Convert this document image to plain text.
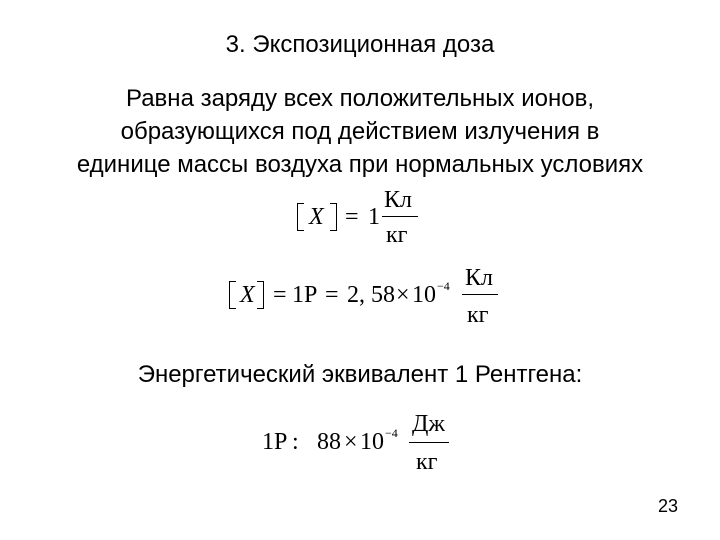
3. Экспозиционная доза
Равна заряду всех положительных ионов,
образующихся под действием излучения в
единице массы воздуха при нормальных условиях
X = 1
Кл
кг
X = 1Р = 2, 58 × 10 −4 Кл
кг
Энергетический эквивалент 1 Рентгена:
1Р : 88 × 10 −4 Дж
кг
23
